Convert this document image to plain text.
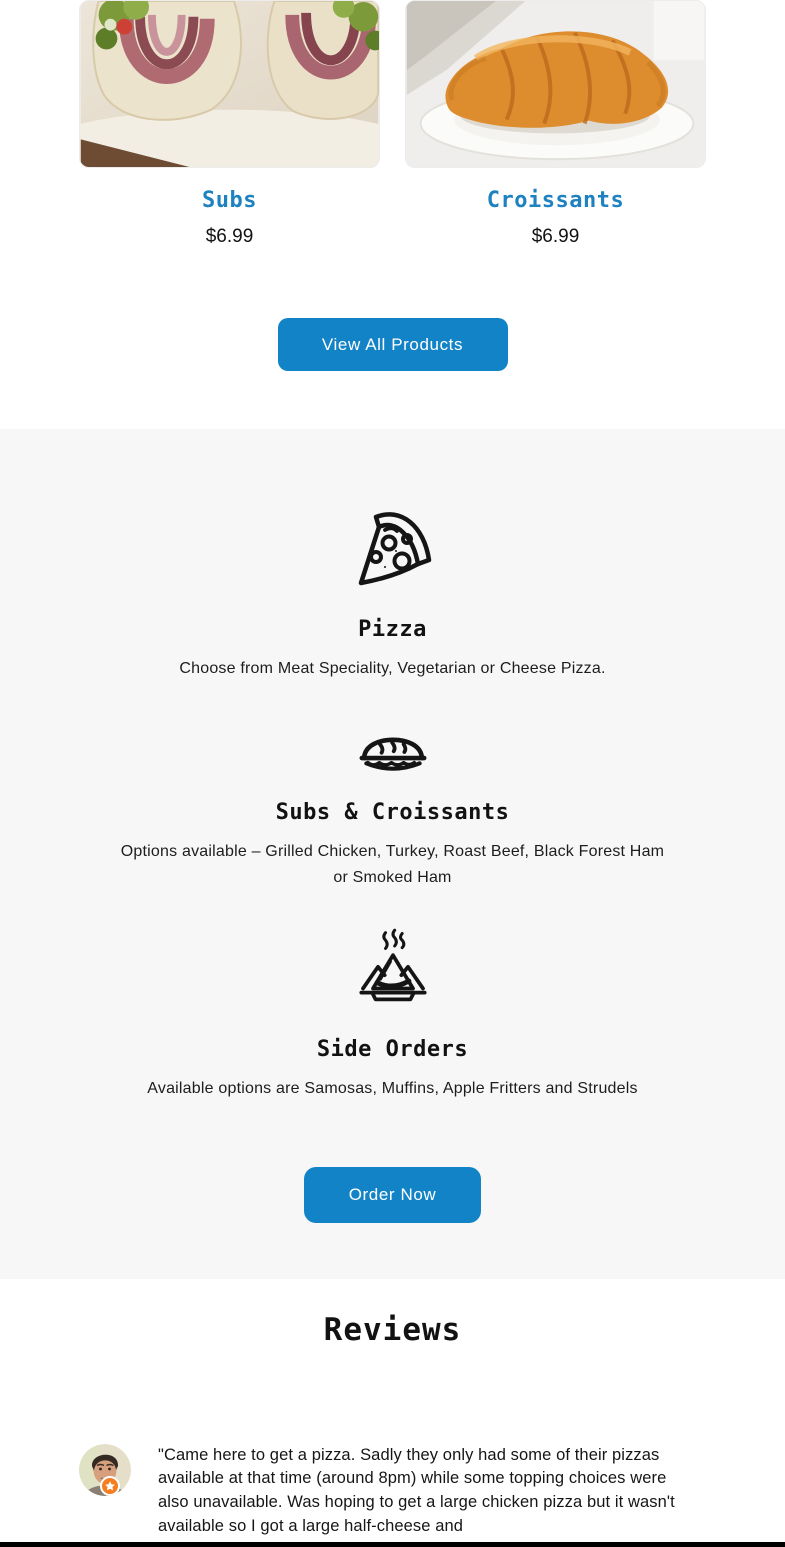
Subs
$6.99
Croissants
$6.99
View All Products
Pizza
Choose from Meat Speciality, Vegetarian or Cheese Pizza.
Subs & Croissants
Options available – Grilled Chicken, Turkey, Roast Beef, Black Forest Ham or Smoked Ham
Side Orders
Available options are Samosas, Muffins, Apple Fritters and Strudels
Order Now
Reviews
"Came here to get a pizza. Sadly they only had some of their pizzas available at that time (around 8pm) while some topping choices were also unavailable. Was hoping to get a large chicken pizza but it wasn't available so I got a large half-cheese and
